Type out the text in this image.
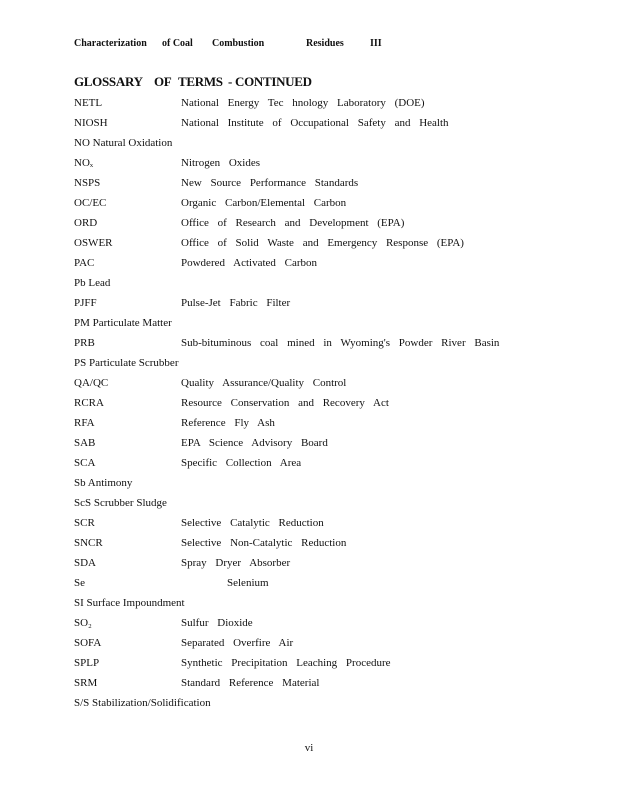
Characterization	of Coal	Combustion	Residues	III
GLOSSARY OF TERMS - CONTINUED
NETL	National Energy Tec hnology Laboratory (DOE)
NIOSH	National Institute of Occupational Safety and Health
NO Natural Oxidation
NOₓ	Nitrogen Oxides
NSPS	New Source Performance Standards
OC/EC	Organic Carbon/Elemental Carbon
ORD	Office of Research and Development (EPA)
OSWER	Office of Solid Waste and Emergency Response (EPA)
PAC	Powdered Activated Carbon
Pb Lead
PJFF	Pulse-Jet Fabric Filter
PM Particulate Matter
PRB	Sub-bituminous coal mined in Wyoming's Powder River Basin
PS Particulate Scrubber
QA/QC	Quality Assurance/Quality Control
RCRA	Resource Conservation and Recovery Act
RFA	Reference Fly Ash
SAB	EPA Science Advisory Board
SCA	Specific Collection Area
Sb Antimony
ScS Scrubber Sludge
SCR	Selective Catalytic Reduction
SNCR	Selective Non-Catalytic Reduction
SDA	Spray Dryer Absorber
Se	Selenium
SI Surface Impoundment
SO₂	Sulfur Dioxide
SOFA	Separated Overfire Air
SPLP	Synthetic Precipitation Leaching Procedure
SRM	Standard Reference Material
S/S Stabilization/Solidification
vi
